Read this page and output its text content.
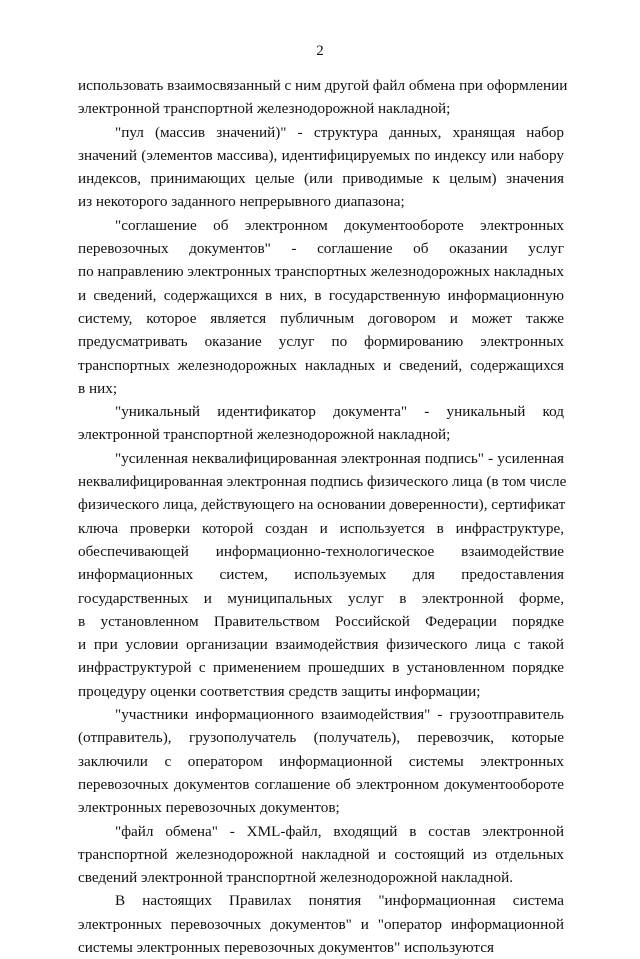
2
использовать взаимосвязанный с ним другой файл обмена при оформлении
электронной транспортной железнодорожной накладной;
"пул (массив значений)" - структура данных, хранящая набор
значений (элементов массива), идентифицируемых по индексу или набору
индексов, принимающих целые (или приводимые к целым) значения
из некоторого заданного непрерывного диапазона;
"соглашение об электронном документообороте электронных
перевозочных документов" - соглашение об оказании услуг
по направлению электронных транспортных железнодорожных накладных
и сведений, содержащихся в них, в государственную информационную
систему, которое является публичным договором и может также
предусматривать оказание услуг по формированию электронных
транспортных железнодорожных накладных и сведений, содержащихся
в них;
"уникальный идентификатор документа" - уникальный код
электронной транспортной железнодорожной накладной;
"усиленная неквалифицированная электронная подпись" - усиленная
неквалифицированная электронная подпись физического лица (в том числе
физического лица, действующего на основании доверенности), сертификат
ключа проверки которой создан и используется в инфраструктуре,
обеспечивающей информационно-технологическое взаимодействие
информационных систем, используемых для предоставления
государственных и муниципальных услуг в электронной форме,
в установленном Правительством Российской Федерации порядке
и при условии организации взаимодействия физического лица с такой
инфраструктурой с применением прошедших в установленном порядке
процедуру оценки соответствия средств защиты информации;
"участники информационного взаимодействия" - грузоотправитель
(отправитель), грузополучатель (получатель), перевозчик, которые
заключили с оператором информационной системы электронных
перевозочных документов соглашение об электронном документообороте
электронных перевозочных документов;
"файл обмена" - XML-файл, входящий в состав электронной
транспортной железнодорожной накладной и состоящий из отдельных
сведений электронной транспортной железнодорожной накладной.
В настоящих Правилах понятия "информационная система
электронных перевозочных документов" и "оператор информационной
системы электронных перевозочных документов" используются
